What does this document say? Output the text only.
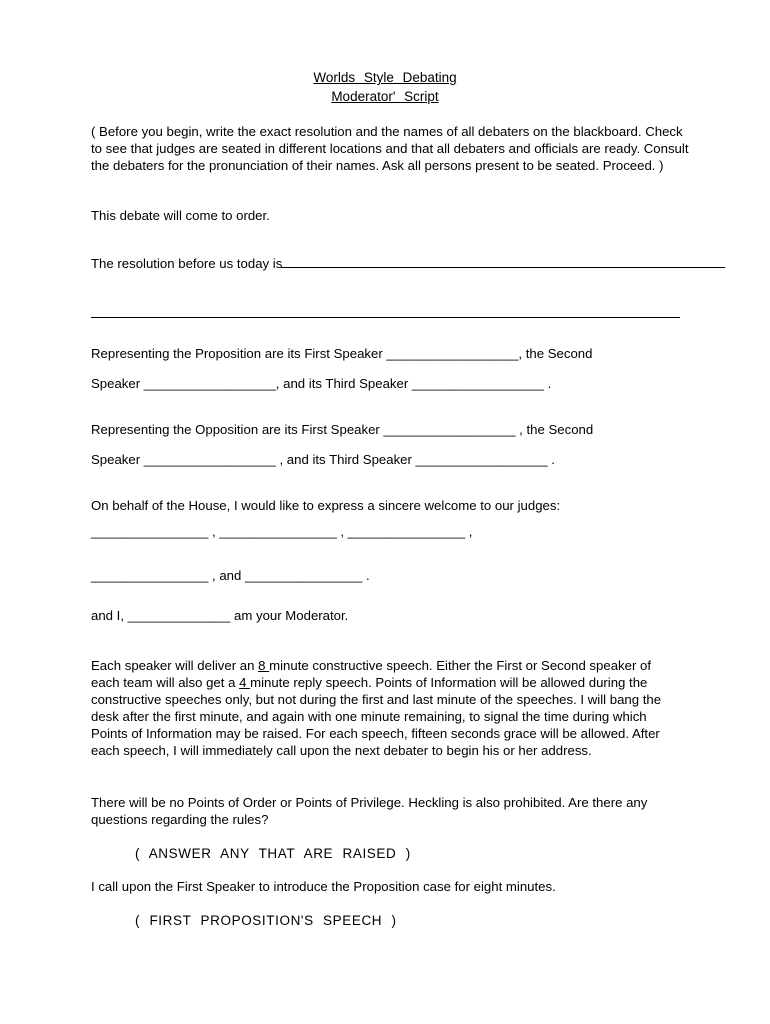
Worlds Style Debating
Moderator' Script
( Before you begin, write the exact resolution and the names of all debaters on the blackboard. Check to see that judges are seated in different locations and that all debaters and officials are ready. Consult the debaters for the pronunciation of their names. Ask all persons present to be seated. Proceed. )
This debate will come to order.
The resolution before us today is
Representing the Proposition are its First Speaker __________________, the Second
Speaker __________________, and its Third Speaker __________________ .
Representing the Opposition are its First Speaker __________________ , the Second
Speaker __________________ , and its Third Speaker __________________ .
On behalf of the House, I would like to express a sincere welcome to our judges:
________________ , ________________ , ________________ ,
________________ , and ________________ .
and I, ______________ am your Moderator.
Each speaker will deliver an 8 minute constructive speech. Either the First or Second speaker of each team will also get a 4 minute reply speech. Points of Information will be allowed during the constructive speeches only, but not during the first and last minute of the speeches. I will bang the desk after the first minute, and again with one minute remaining, to signal the time during which Points of Information may be raised. For each speech, fifteen seconds grace will be allowed. After each speech, I will immediately call upon the next debater to begin his or her address.
There will be no Points of Order or Points of Privilege. Heckling is also prohibited. Are there any questions regarding the rules?
( ANSWER ANY THAT ARE RAISED )
I call upon the First Speaker to introduce the Proposition case for eight minutes.
( FIRST PROPOSITION'S SPEECH )
